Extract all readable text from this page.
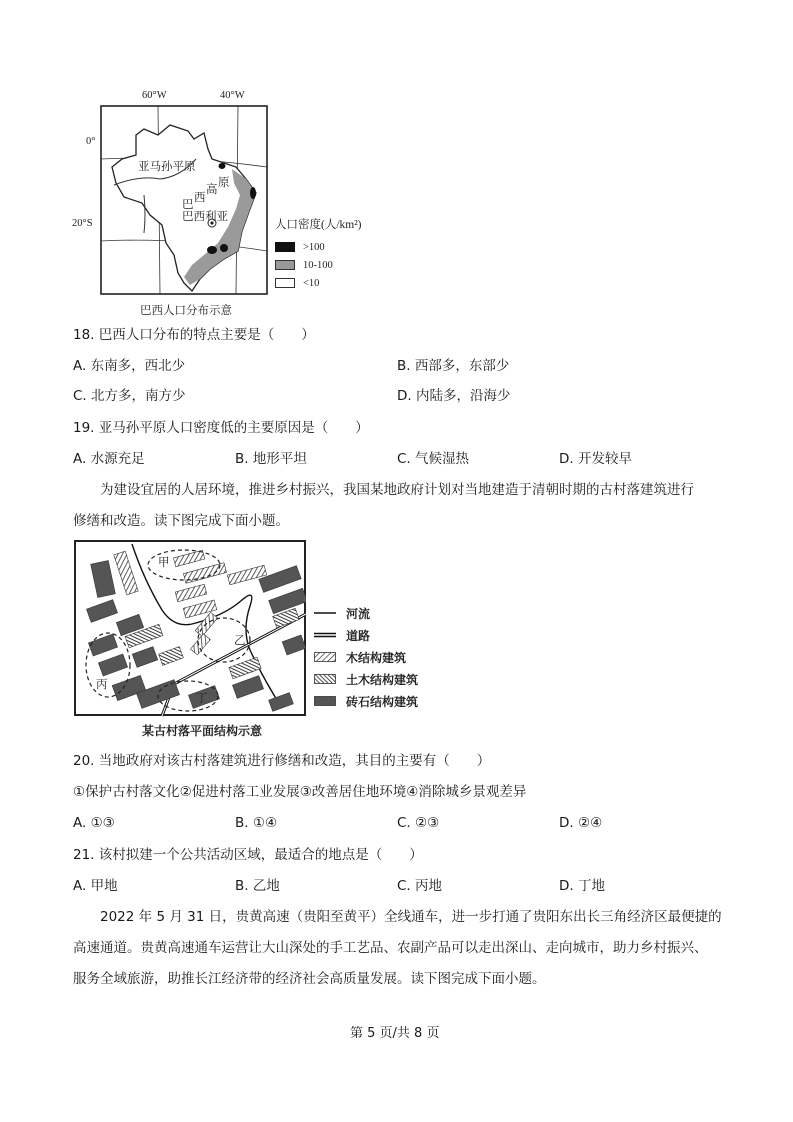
60°W	40°W
0°
20°S
亚马孙平原
巴 西
高 原
巴西利亚
巴西人口分布示意
人口密度(人/km²)
>100
10-100
<10
18. 巴西人口分布的特点主要是（　　）
A. 东南多，西北少	B. 西部多，东部少
C. 北方多，南方少	D. 内陆多，沿海少
19. 亚马孙平原人口密度低的主要原因是（　　）
A. 水源充足	B. 地形平坦	C. 气候湿热	D. 开发较早
为建设宜居的人居环境，推进乡村振兴，我国某地政府计划对当地建造于清朝时期的古村落建筑进行
修缮和改造。读下图完成下面小题。
甲
乙
丙
丁
河流
道路
木结构建筑
土木结构建筑
砖石结构建筑
某古村落平面结构示意
20. 当地政府对该古村落建筑进行修缮和改造，其目的主要有（　　）
①保护古村落文化②促进村落工业发展③改善居住地环境④消除城乡景观差异
A. ①③	B. ①④	C. ②③	D. ②④
21. 该村拟建一个公共活动区域，最适合的地点是（　　）
A. 甲地	B. 乙地	C. 丙地	D. 丁地
2022 年 5 月 31 日，贵黄高速（贵阳至黄平）全线通车，进一步打通了贵阳东出长三角经济区最便捷的
高速通道。贵黄高速通车运营让大山深处的手工艺品、农副产品可以走出深山、走向城市，助力乡村振兴、
服务全域旅游，助推长江经济带的经济社会高质量发展。读下图完成下面小题。
第 5 页/共 8 页
